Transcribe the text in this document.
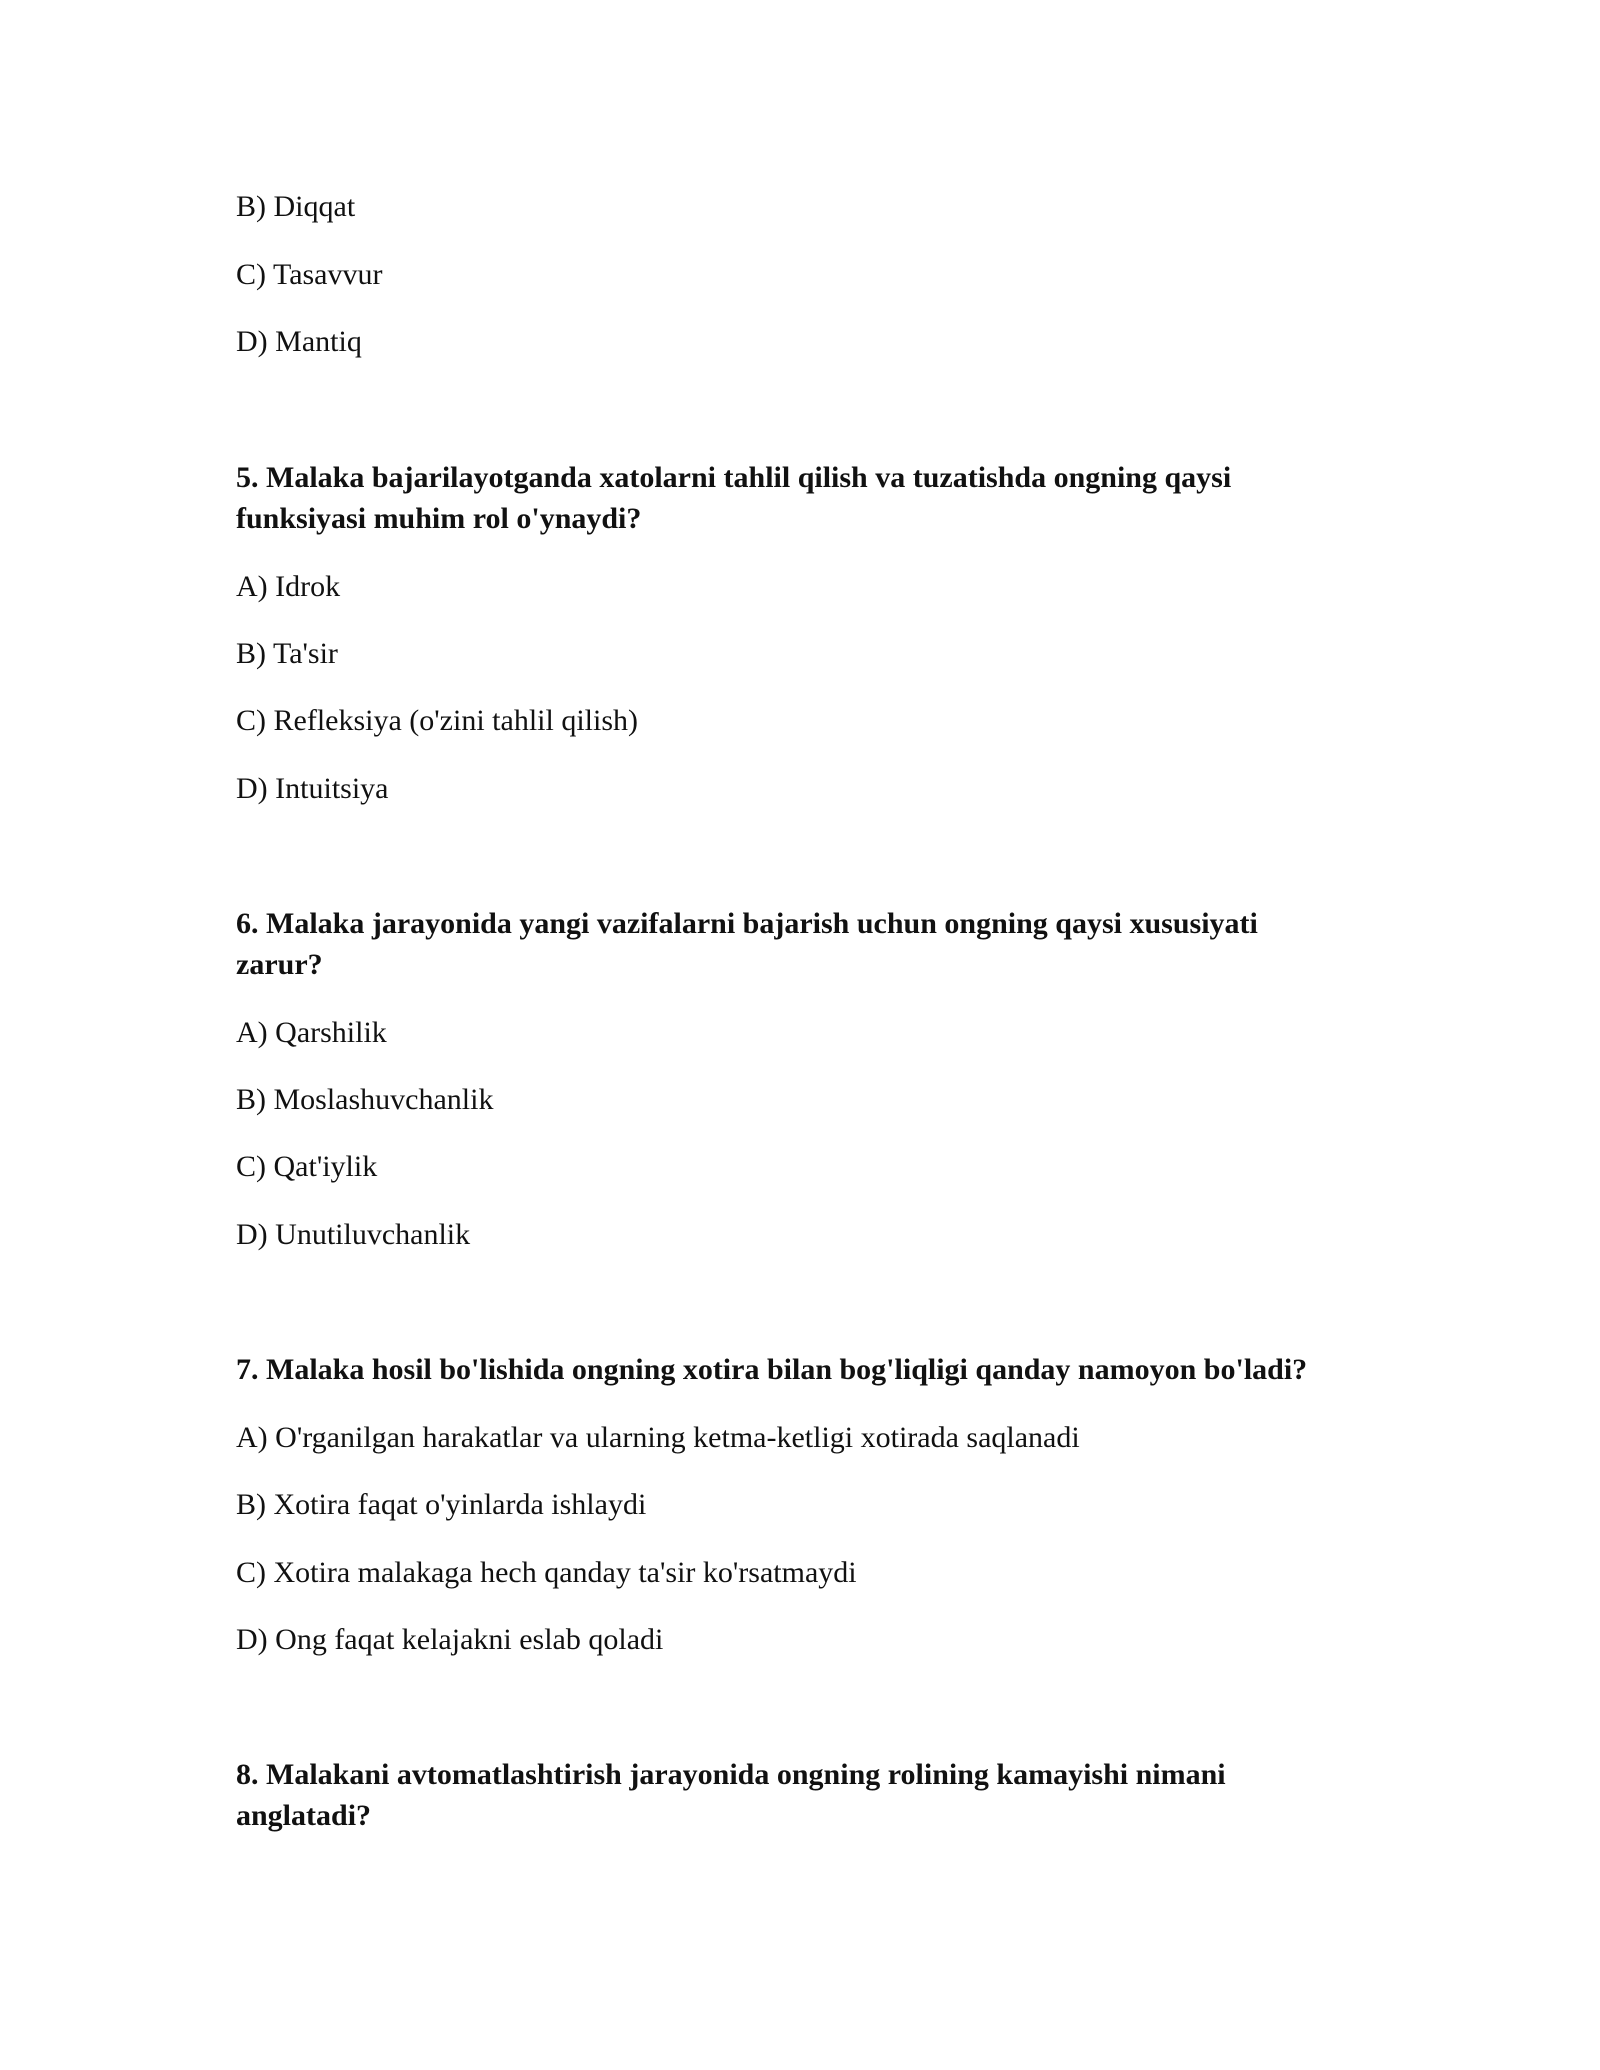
B) Diqqat
C) Tasavvur
D) Mantiq
5. Malaka bajarilayotganda xatolarni tahlil qilish va tuzatishda ongning qaysi
funksiyasi muhim rol o'ynaydi?
A) Idrok
B) Ta'sir
C) Refleksiya (o'zini tahlil qilish)
D) Intuitsiya
6. Malaka jarayonida yangi vazifalarni bajarish uchun ongning qaysi xususiyati
zarur?
A) Qarshilik
B) Moslashuvchanlik
C) Qat'iylik
D) Unutiluvchanlik
7. Malaka hosil bo'lishida ongning xotira bilan bog'liqligi qanday namoyon bo'ladi?
A) O'rganilgan harakatlar va ularning ketma-ketligi xotirada saqlanadi
B) Xotira faqat o'yinlarda ishlaydi
C) Xotira malakaga hech qanday ta'sir ko'rsatmaydi
D) Ong faqat kelajakni eslab qoladi
8. Malakani avtomatlashtirish jarayonida ongning rolining kamayishi nimani
anglatadi?
